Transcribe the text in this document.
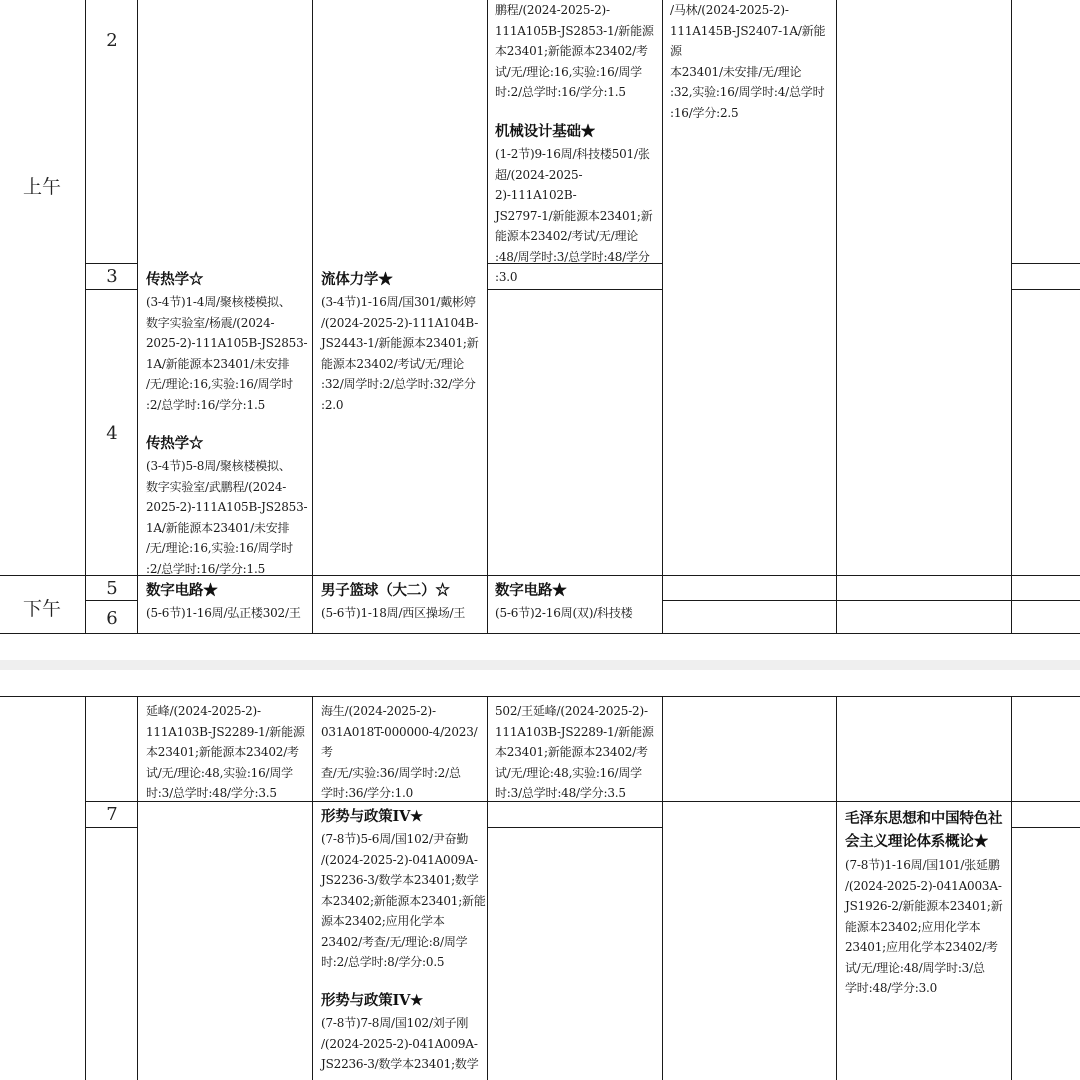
上午
下午
2
3
4
5
6
7
鹏程/(2024-2025-2)-
111A105B-JS2853-1/新能源
本23401;新能源本23402/考
试/无/理论:16,实验:16/周学
时:2/总学时:16/学分:1.5
机械设计基础★
(1-2节)9-16周/科技楼501/张
超/(2024-2025-2)-111A102B-
JS2797-1/新能源本23401;新
能源本23402/考试/无/理论
:48/周学时:3/总学时:48/学分
:3.0
/马林/(2024-2025-2)-
111A145B-JS2407-1A/新能源
本23401/未安排/无/理论
:32,实验:16/周学时:4/总学时
:16/学分:2.5
传热学☆
(3-4节)1-4周/聚核楼模拟、
数字实验室/杨震/(2024-
2025-2)-111A105B-JS2853-
1A/新能源本23401/未安排
/无/理论:16,实验:16/周学时
:2/总学时:16/学分:1.5
传热学☆
(3-4节)5-8周/聚核楼模拟、
数字实验室/武鹏程/(2024-
2025-2)-111A105B-JS2853-
1A/新能源本23401/未安排
/无/理论:16,实验:16/周学时
:2/总学时:16/学分:1.5
流体力学★
(3-4节)1-16周/国301/戴彬婷
/(2024-2025-2)-111A104B-
JS2443-1/新能源本23401;新
能源本23402/考试/无/理论
:32/周学时:2/总学时:32/学分
:2.0
数字电路★
(5-6节)1-16周/弘正楼302/王
男子篮球（大二）☆
(5-6节)1-18周/西区操场/王
数字电路★
(5-6节)2-16周(双)/科技楼
延峰/(2024-2025-2)-
111A103B-JS2289-1/新能源
本23401;新能源本23402/考
试/无/理论:48,实验:16/周学
时:3/总学时:48/学分:3.5
海生/(2024-2025-2)-
031A018T-000000-4/2023/考
查/无/实验:36/周学时:2/总
学时:36/学分:1.0
502/王延峰/(2024-2025-2)-
111A103B-JS2289-1/新能源
本23401;新能源本23402/考
试/无/理论:48,实验:16/周学
时:3/总学时:48/学分:3.5
形势与政策IV★
(7-8节)5-6周/国102/尹奋勤
/(2024-2025-2)-041A009A-
JS2236-3/数学本23401;数学
本23402;新能源本23401;新能
源本23402;应用化学本
23402/考查/无/理论:8/周学
时:2/总学时:8/学分:0.5
形势与政策IV★
(7-8节)7-8周/国102/刘子刚
/(2024-2025-2)-041A009A-
JS2236-3/数学本23401;数学
毛泽东思想和中国特色社会主义理论体系概论★
(7-8节)1-16周/国101/张延鹏
/(2024-2025-2)-041A003A-
JS1926-2/新能源本23401;新
能源本23402;应用化学本
23401;应用化学本23402/考
试/无/理论:48/周学时:3/总
学时:48/学分:3.0
